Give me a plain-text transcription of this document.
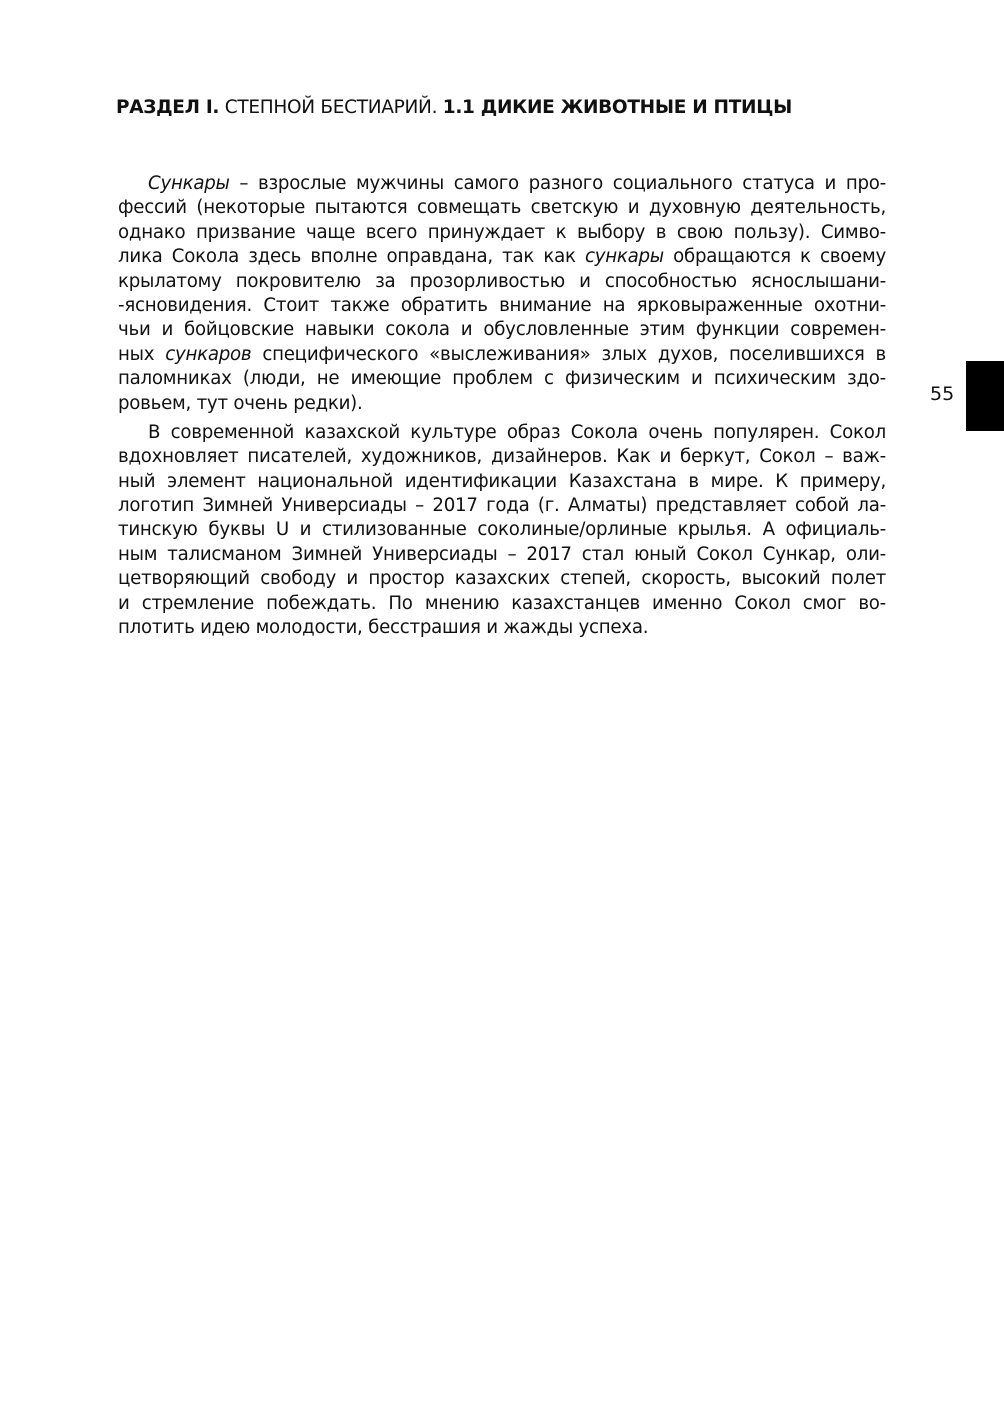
РАЗДЕЛ I. СТЕПНОЙ БЕСТИАРИЙ. 1.1 ДИКИЕ ЖИВОТНЫЕ И ПТИЦЫ
Сункары – взрослые мужчины самого разного социального статуса и про-
фессий (некоторые пытаются совмещать светскую и духовную деятельность,
однако призвание чаще всего принуждает к выбору в свою пользу). Симво-
лика Сокола здесь вполне оправдана, так как сункары обращаются к своему
крылатому покровителю за прозорливостью и способностью яснослышани-
-ясновидения. Стоит также обратить внимание на ярковыраженные охотни-
чьи и бойцовские навыки сокола и обусловленные этим функции современ-
ных сункаров специфического «выслеживания» злых духов, поселившихся в
паломниках (люди, не имеющие проблем с физическим и психическим здо-
ровьем, тут очень редки).
В современной казахской культуре образ Сокола очень популярен. Сокол
вдохновляет писателей, художников, дизайнеров. Как и беркут, Сокол – важ-
ный элемент национальной идентификации Казахстана в мире. К примеру,
логотип Зимней Универсиады – 2017 года (г. Алматы) представляет собой ла-
тинскую буквы U и стилизованные соколиные/орлиные крылья. А официаль-
ным талисманом Зимней Универсиады – 2017 стал юный Сокол Сункар, оли-
цетворяющий свободу и простор казахских степей, скорость, высокий полет
и стремление побеждать. По мнению казахстанцев именно Сокол смог во-
плотить идею молодости, бесстрашия и жажды успеха.
55
